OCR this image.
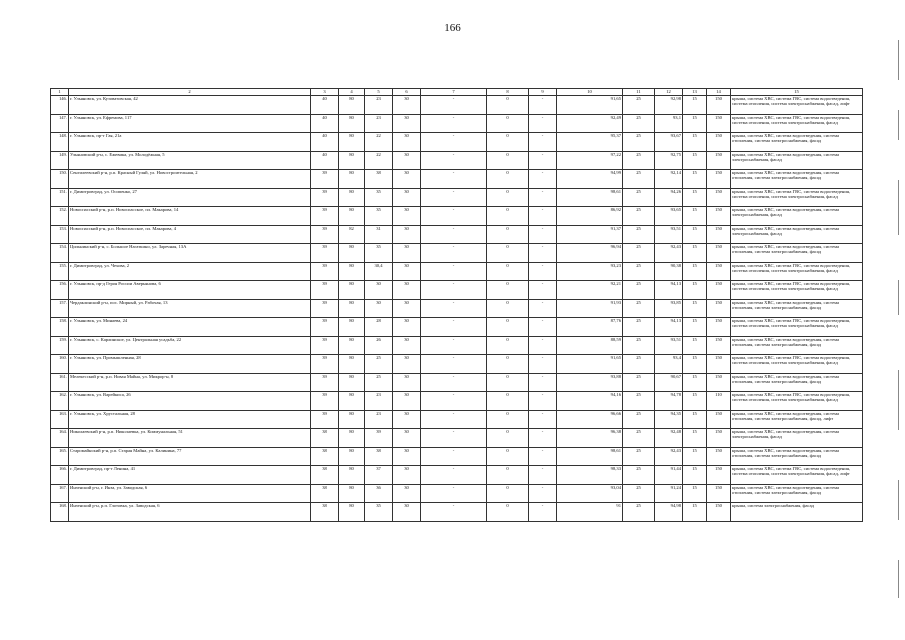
166
1	2	3	4	5	6	7	8	9	10	11	12	13	14	15
146.	г. Ульяновск, ул. Кузоватовская, 42	40	80	23	30	-	0	-	91,65	25	92,98	15	150	крыша, система ХВС, система ГВС, система водоотведения, система отопления, система электроснабжения, фасад, лифт
147.	г. Ульяновск, ул. Ефремова, 117	40	80	23	30	-	0	-	92,49	25	93,1	15	150	крыша, система ХВС, система ГВС, система водоотведения, система отопления, система электроснабжения, фасад
148.	г. Ульяновск, пр-т Гая, 21а	40	80	22	30	-	0	-	95,37	25	93,67	15	150	крыша, система ХВС, система водоотведения, система отопления, система электроснабжения, фасад
149.	Ульяновский р-н, с. Ежевика, ул. Молодёжная, 5	40	80	22	30	-	0	-	97,22	25	92,75	15	150	крыша, система ХВС, система водоотведения, система электроснабжения, фасад
150.	Сенгилеевский р-н, р.п. Красный Гуляй, ул. Новостроительная, 2	39	80	38	30	-	0	-	94,99	25	92,14	15	150	крыша, система ХВС, система водоотведения, система отопления, система электроснабжения, фасад
151.	г. Димитровград, ул. Осипенко, 27	39	80	35	30	-	0	-	98,61	25	94,26	15	150	крыша, система ХВС, система ГВС, система водоотведения, система отопления, система электроснабжения, фасад
152.	Новоспасский р-н, р.п. Новоспасское, пл. Макарова, 14	39	80	35	30	-	0	-	86,92	25	93,65	15	150	крыша, система ХВС, система водоотведения, система электроснабжения, фасад
153.	Новоспасский р-н, р.п. Новоспасское, пл. Макарова, 4	39	82	31	30	-	0	-	91,37	25	93,51	15	150	крыша, система ХВС, система водоотведения, система электроснабжения, фасад
154.	Цильнинский р-н, с. Большое Нагаткино, ул. Заречная, 13А	39	80	35	30	-	0	-	96,94	25	92,43	15	150	крыша, система ХВС, система водоотведения, система отопления, система электроснабжения, фасад
155.	г. Димитровград, ул. Чехова, 2	39	80	30,4	30	-	0	-	93,23	25	90,38	15	150	крыша, система ХВС, система ГВС, система водоотведения, система отопления, система электроснабжения, фасад
156.	г. Ульяновск, пр-д Героя России Аверьянова, 6	39	80	30	30	-	0	-	92,21	25	94,13	15	150	крыша, система ХВС, система ГВС, система водоотведения, система отопления, система электроснабжения, фасад
157.	Чердаклинский р-н, пос. Мирный, ул. Рабочая, 13	39	80	30	30	-	0	-	91,93	25	93,85	15	150	крыша, система ХВС, система водоотведения, система отопления, система электроснабжения, фасад
158.	г. Ульяновск, ул. Минаева, 24	39	80	28	30	-	0	-	87,76	25	94,13	15	150	крыша, система ХВС, система ГВС, система водоотведения, система отопления, система электроснабжения, фасад
159.	г. Ульяновск, с. Карлинское, ул. Центральная усадьба, 22	39	80	26	30	-	0	-	88,59	25	93,51	15	150	крыша, система ХВС, система водоотведения, система отопления, система электроснабжения, фасад
160.	г. Ульяновск, ул. Промышленная, 28	39	80	25	30	-	0	-	91,65	25	93,4	15	150	крыша, система ХВС, система ГВС, система водоотведения, система отопления, система электроснабжения, фасад
161.	Мелекесский р-н, р.п. Новая Майна, ул. Микрор-н, 8	39	80	25	30	-	0	-	93,88	25	90,67	15	150	крыша, система ХВС, система водоотведения, система отопления, система электроснабжения, фасад
162.	г. Ульяновск, ул. Варейкиса, 26	39	80	23	30	-	0	-	94,16	25	94,78	15	110	крыша, система ХВС, система ГВС, система водоотведения, система отопления, система электроснабжения, фасад
163.	г. Ульяновск, ул. Хрустальная, 28	39	80	23	30	-	0	-	96,66	25	94,35	15	150	крыша, система ХВС, система водоотведения, система отопления, система электроснабжения, фасад, лифт
164.	Николаевский р-н, р.п. Николаевка, ул. Коммунальная, 51	38	80	39	30	-	0	-	96,38	25	92,48	15	150	крыша, система ХВС, система водоотведения, система электроснабжения, фасад
165.	Старомайнский р-н, р.п. Старая Майна, ул. Калинина, 77	38	80	38	30	-	0	-	98,61	25	92,43	15	150	крыша, система ХВС, система водоотведения, система отопления, система электроснабжения, фасад
166.	г. Димитровград, пр-т Ленина, 41	38	80	37	30	-	0	-	98,33	25	91,44	15	150	крыша, система ХВС, система ГВС, система водоотведения, система отопления, система электроснабжения, фасад, лифт
167.	Инзенский р-н, г. Инза, ул. Заводская, 6	38	80	36	30	-	0	-	93,04	25	91,24	15	150	крыша, система ХВС, система водоотведения, система отопления, система электроснабжения, фасад
168.	Инзенский р-н, р.п. Глотовка, ул. Заводская, 6	38	80	35	30	-	0	-	91	25	94,98	15	150	крыша, система электроснабжения, фасад
